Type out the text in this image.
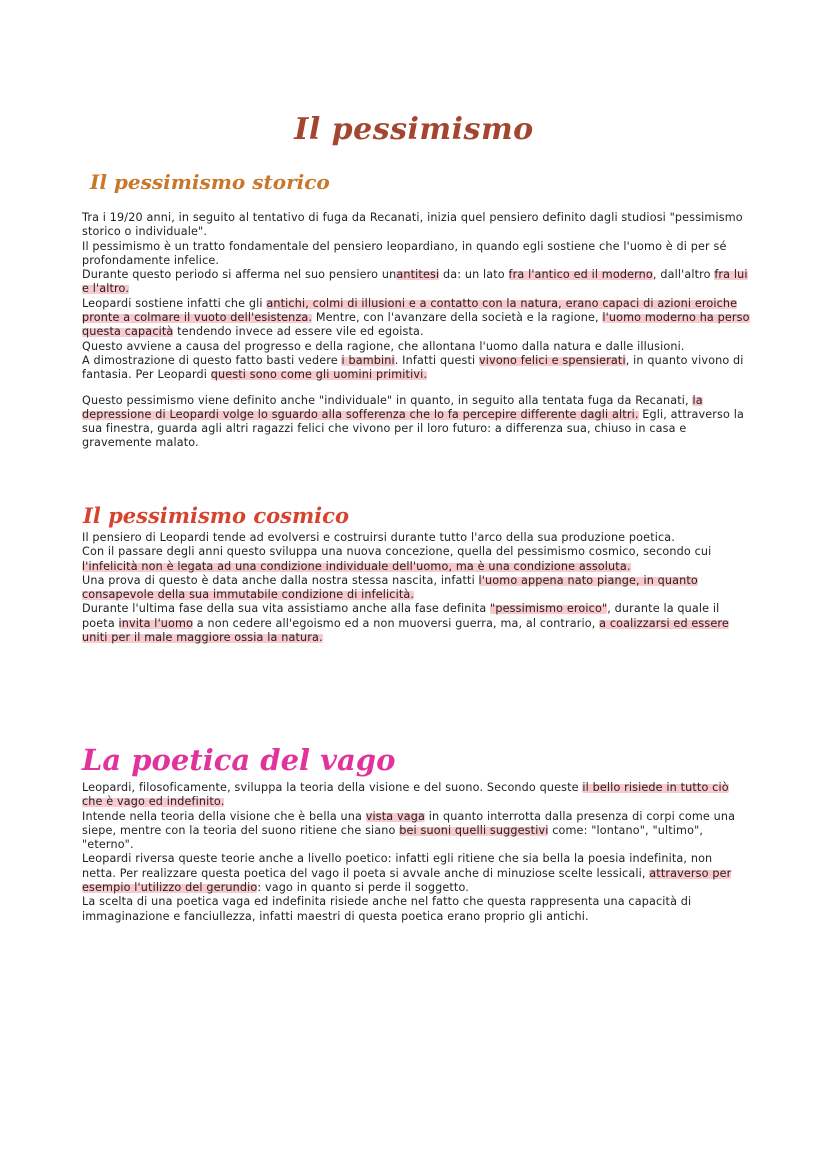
Il pessimismo
Il pessimismo storico

Tra i 19/20 anni, in seguito al tentativo di fuga da Recanati, inizia quel pensiero definito dagli studiosi "pessimismo storico o individuale".

Il pessimismo è un tratto fondamentale del pensiero leopardiano, in quando egli sostiene che l'uomo è di per sé profondamente infelice.

Durante questo periodo si afferma nel suo pensiero unantitesi da: un lato fra l'antico ed il moderno, dall'altro fra lui e l'altro.

Leopardi sostiene infatti che gli antichi, colmi di illusioni e a contatto con la natura, erano capaci di azioni eroiche pronte a colmare il vuoto dell'esistenza. Mentre, con l'avanzare della società e la ragione, l'uomo moderno ha perso questa capacità tendendo invece ad essere vile ed egoista.

Questo avviene a causa del progresso e della ragione, che allontana l'uomo dalla natura e dalle illusioni.

A dimostrazione di questo fatto basti vedere i bambini. Infatti questi vivono felici e spensierati, in quanto vivono di fantasia. Per Leopardi questi sono come gli uomini primitivi.

Questo pessimismo viene definito anche "individuale" in quanto, in seguito alla tentata fuga da Recanati, la depressione di Leopardi volge lo sguardo alla sofferenza che lo fa percepire differente dagli altri. Egli, attraverso la sua finestra, guarda agli altri ragazzi felici che vivono per il loro futuro: a differenza sua, chiuso in casa e gravemente malato.

Il pessimismo cosmico

Il pensiero di Leopardi tende ad evolversi e costruirsi durante tutto l'arco della sua produzione poetica.

Con il passare degli anni questo sviluppa una nuova concezione, quella del pessimismo cosmico, secondo cui l'infelicità non è legata ad una condizione individuale dell'uomo, ma è una condizione assoluta.

Una prova di questo è data anche dalla nostra stessa nascita, infatti l'uomo appena nato piange, in quanto consapevole della sua immutabile condizione di infelicità.

Durante l'ultima fase della sua vita assistiamo anche alla fase definita "pessimismo eroico", durante la quale il poeta invita l'uomo a non cedere all'egoismo ed a non muoversi guerra, ma, al contrario, a coalizzarsi ed essere uniti per il male maggiore ossia la natura.

La poetica del vago

Leopardi, filosoficamente, sviluppa la teoria della visione e del suono. Secondo queste il bello risiede in tutto ciò che è vago ed indefinito.

Intende nella teoria della visione che è bella una vista vaga in quanto interrotta dalla presenza di corpi come una siepe, mentre con la teoria del suono ritiene che siano bei suoni quelli suggestivi come: "lontano", "ultimo", "eterno".

Leopardi riversa queste teorie anche a livello poetico: infatti egli ritiene che sia bella la poesia indefinita, non netta. Per realizzare questa poetica del vago il poeta si avvale anche di minuziose scelte lessicali, attraverso per esempio l'utilizzo del gerundio: vago in quanto si perde il soggetto.

La scelta di una poetica vaga ed indefinita risiede anche nel fatto che questa rappresenta una capacità di immaginazione e fanciullezza, infatti maestri di questa poetica erano proprio gli antichi.
